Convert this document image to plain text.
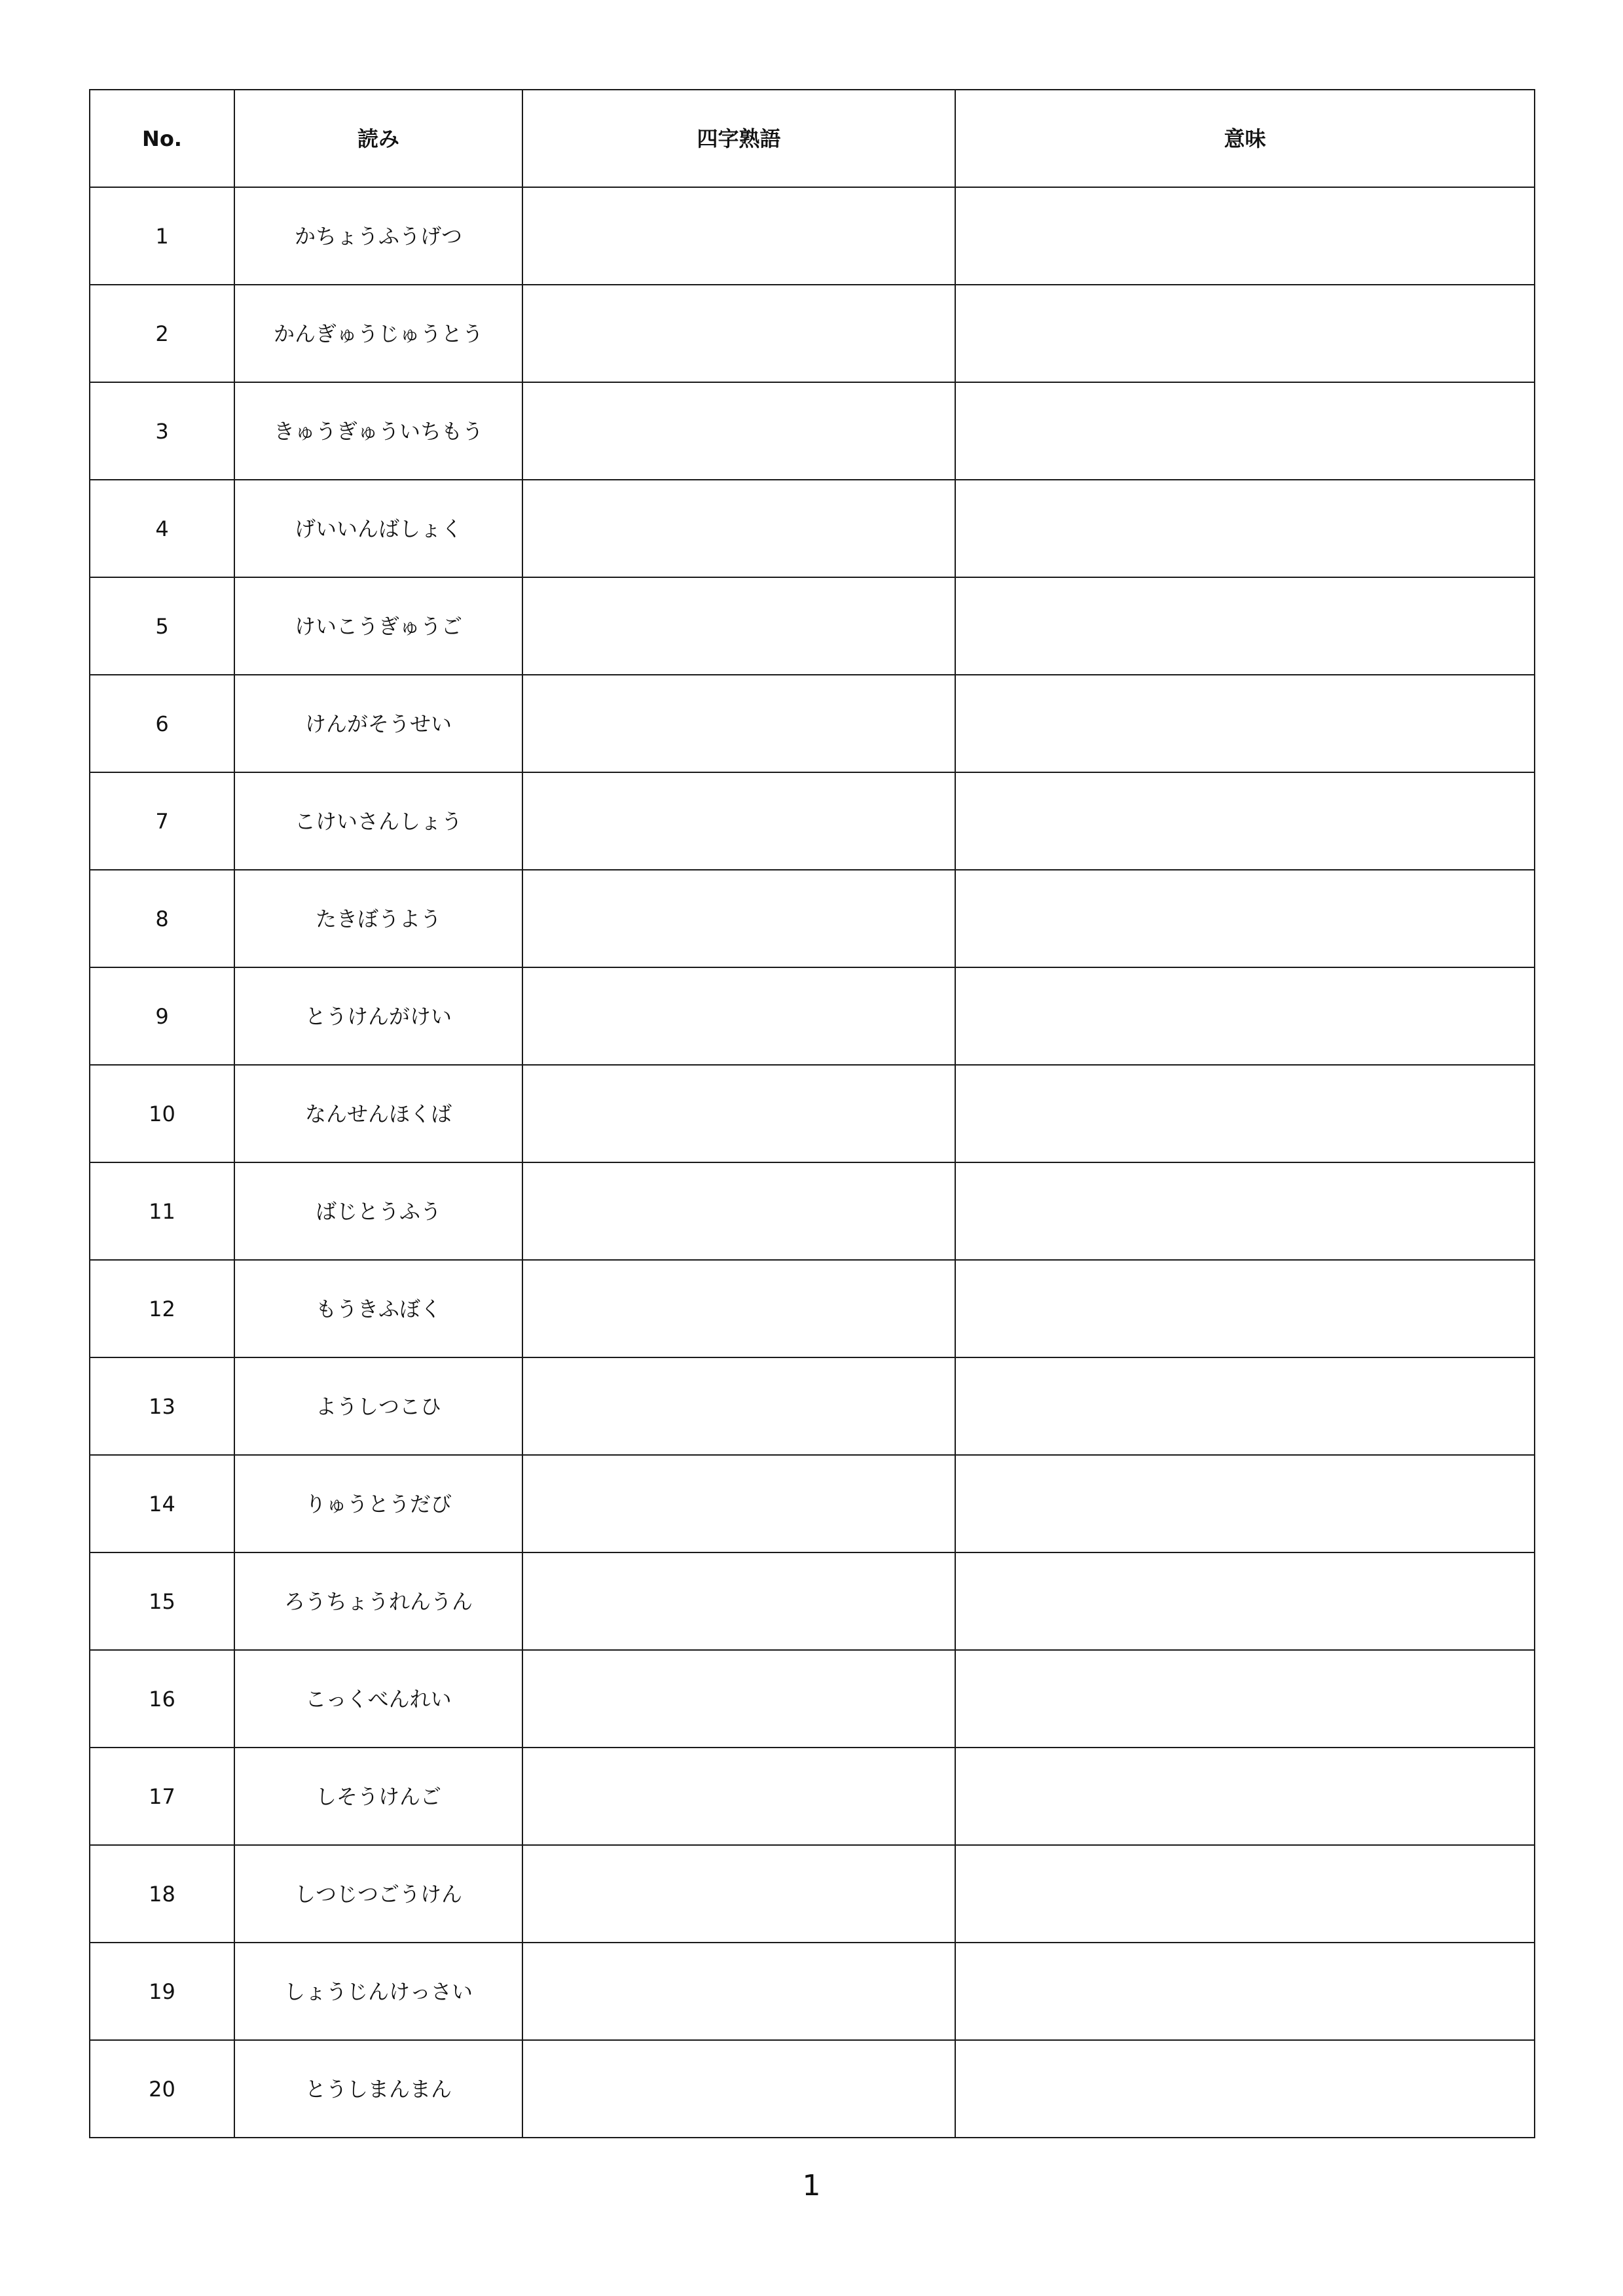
No.	読み	四字熟語	意味
1	かちょうふうげつ		
2	かんぎゅうじゅうとう		
3	きゅうぎゅういちもう		
4	げいいんばしょく		
5	けいこうぎゅうご		
6	けんがそうせい		
7	こけいさんしょう		
8	たきぼうよう		
9	とうけんがけい		
10	なんせんほくば		
11	ばじとうふう		
12	もうきふぼく		
13	ようしつこひ		
14	りゅうとうだび		
15	ろうちょうれんうん		
16	こっくべんれい		
17	しそうけんご		
18	しつじつごうけん		
19	しょうじんけっさい		
20	とうしまんまん		
1
